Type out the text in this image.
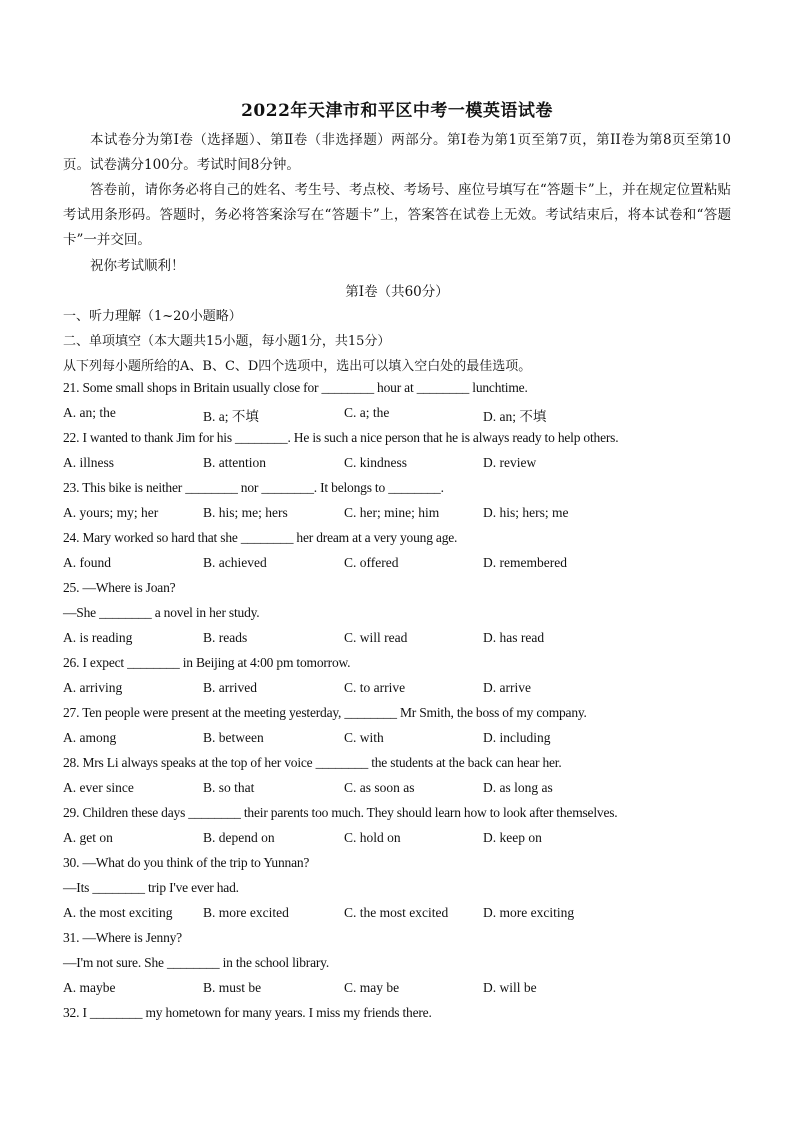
2022年天津市和平区中考一模英语试卷

本试卷分为第I卷（选择题）、第Ⅱ卷（非选择题）两部分。第I卷为第1页至第7页，第II卷为第8页至第10页。试卷满分100分。考试时间8分钟。

答卷前，请你务必将自己的姓名、考生号、考点校、考场号、座位号填写在“答题卡”上，并在规定位置粘贴考试用条形码。答题时，务必将答案涂写在“答题卡”上，答案答在试卷上无效。考试结束后，将本试卷和“答题卡”一并交回。

祝你考试顺利！

第I卷（共60分）
一、听力理解（1~20小题略）
二、单项填空（本大题共15小题，每小题1分，共15分）
从下列每小题所给的A、B、C、D四个选项中，选出可以填入空白处的最佳选项。
21. Some small shops in Britain usually close for ________ hour at ________ lunchtime.
A. an; the	B. a; 不填	C. a; the	D. an; 不填
22. I wanted to thank Jim for his ________. He is such a nice person that he is always ready to help others.
A. illness	B. attention	C. kindness	D. review
23. This bike is neither ________ nor ________. It belongs to ________.
A. yours; my; her	B. his; me; hers	C. her; mine; him	D. his; hers; me
24. Mary worked so hard that she ________ her dream at a very young age.
A. found	B. achieved	C. offered	D. remembered
25. —Where is Joan?
—She ________ a novel in her study.
A. is reading	B. reads	C. will read	D. has read
26. I expect ________ in Beijing at 4:00 pm tomorrow.
A. arriving	B. arrived	C. to arrive	D. arrive
27. Ten people were present at the meeting yesterday, ________ Mr Smith, the boss of my company.
A. among	B. between	C. with	D. including
28. Mrs Li always speaks at the top of her voice ________ the students at the back can hear her.
A. ever since	B. so that	C. as soon as	D. as long as
29. Children these days ________ their parents too much. They should learn how to look after themselves.
A. get on	B. depend on	C. hold on	D. keep on
30. —What do you think of the trip to Yunnan?
—Its ________ trip I've ever had.
A. the most exciting B. more excited	C. the most excited	D. more exciting
31. —Where is Jenny?
—I'm not sure. She ________ in the school library.
A. maybe	B. must be	C. may be	D. will be
32. I ________ my hometown for many years. I miss my friends there.
